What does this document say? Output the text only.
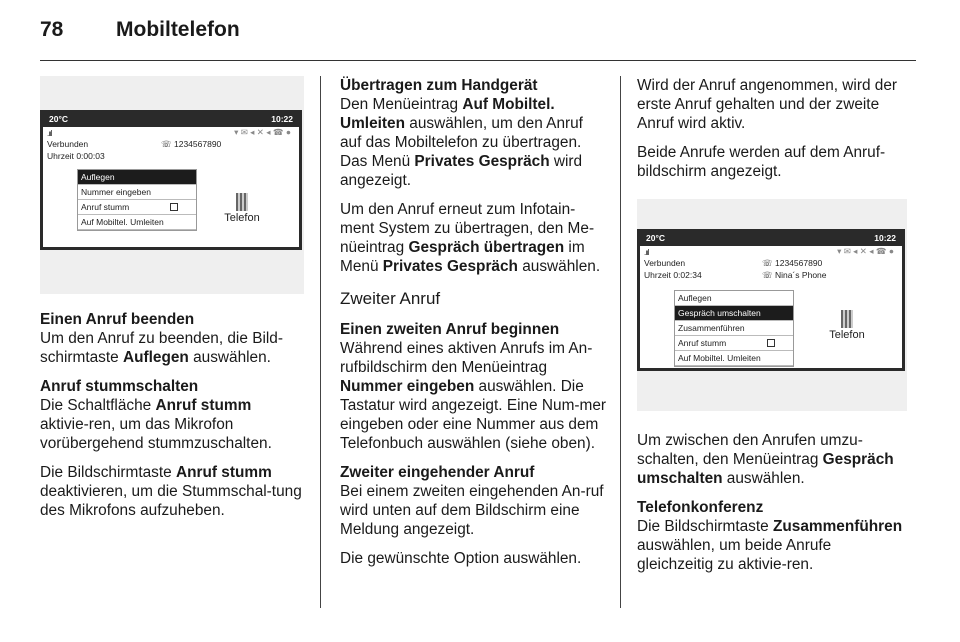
78	Mobiltelefon
20°C	10:22
.ııl	▾ ✉ ◂ ✕ ◂ ☎ ●
Verbunden	☏ 1234567890
Uhrzeit 0:00:03
Auflegen
Nummer eingeben
Anruf stumm
Auf Mobiltel. Umleiten	Telefon
Einen Anruf beenden
Um den Anruf zu beenden, die Bild- schirmtaste Auflegen auswählen.
Anruf stummschalten
Die Schaltfläche Anruf stumm aktivie-ren, um das Mikrofon vorübergehend stummzuschalten.
Die Bildschirmtaste Anruf stumm deaktivieren, um die Stummschal-tung des Mikrofons aufzuheben.
Übertragen zum Handgerät
Den Menüeintrag Auf Mobiltel. Umleiten auswählen, um den Anruf auf das Mobiltelefon zu übertragen. Das Menü Privates Gespräch wird angezeigt.
Um den Anruf erneut zum Infotain-ment System zu übertragen, den Me-nüeintrag Gespräch übertragen im Menü Privates Gespräch auswählen.
Zweiter Anruf
Einen zweiten Anruf beginnen
Während eines aktiven Anrufs im An-rufbildschirm den Menüeintrag Nummer eingeben auswählen. Die Tastatur wird angezeigt. Eine Num-mer eingeben oder eine Nummer aus dem Telefonbuch auswählen (siehe oben).
Zweiter eingehender Anruf
Bei einem zweiten eingehenden An-ruf wird unten auf dem Bildschirm eine Meldung angezeigt.
Die gewünschte Option auswählen.
Wird der Anruf angenommen, wird der erste Anruf gehalten und der zweite Anruf wird aktiv.
Beide Anrufe werden auf dem Anruf-bildschirm angezeigt.
20°C	10:22
.ııl	▾ ✉ ◂ ✕ ◂ ☎ ●
Verbunden	☏ 1234567890
Uhrzeit 0:02:34	☏ Nina´s Phone
Auflegen
Gespräch umschalten
Zusammenführen
Anruf stumm
Auf Mobiltel. Umleiten
Telefon
Um zwischen den Anrufen umzu-schalten, den Menüeintrag Gespräch umschalten auswählen.
Telefonkonferenz
Die Bildschirmtaste Zusammenführen auswählen, um beide Anrufe gleichzeitig zu aktivie-ren.
